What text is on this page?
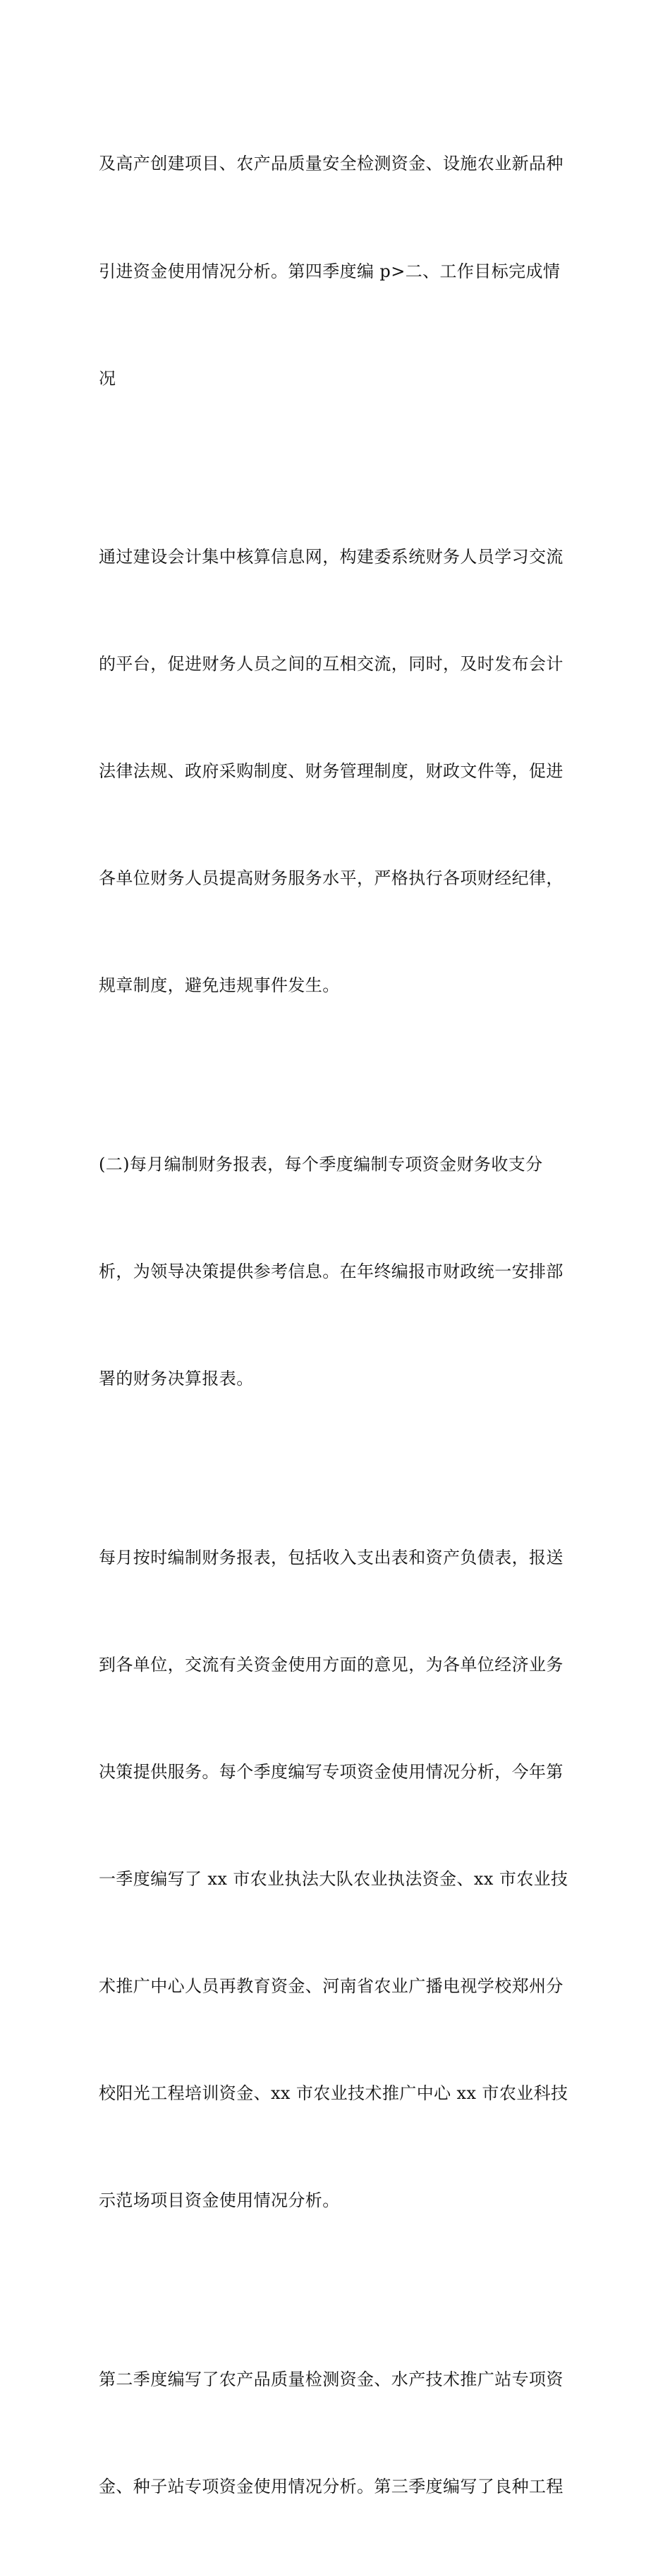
及高产创建项目、农产品质量安全检测资金、设施农业新品种

引进资金使用情况分析。第四季度编 p>二、工作目标完成情

况

通过建设会计集中核算信息网，构建委系统财务人员学习交流

的平台，促进财务人员之间的互相交流，同时，及时发布会计

法律法规、政府采购制度、财务管理制度，财政文件等，促进

各单位财务人员提高财务服务水平，严格执行各项财经纪律，

规章制度，避免违规事件发生。

(二)每月编制财务报表，每个季度编制专项资金财务收支分

析，为领导决策提供参考信息。在年终编报市财政统一安排部

署的财务决算报表。

每月按时编制财务报表，包括收入支出表和资产负债表，报送

到各单位，交流有关资金使用方面的意见，为各单位经济业务

决策提供服务。每个季度编写专项资金使用情况分析，今年第

一季度编写了 xx 市农业执法大队农业执法资金、xx 市农业技

术推广中心人员再教育资金、河南省农业广播电视学校郑州分

校阳光工程培训资金、xx 市农业技术推广中心 xx 市农业科技

示范场项目资金使用情况分析。

第二季度编写了农产品质量检测资金、水产技术推广站专项资

金、种子站专项资金使用情况分析。第三季度编写了良种工程
